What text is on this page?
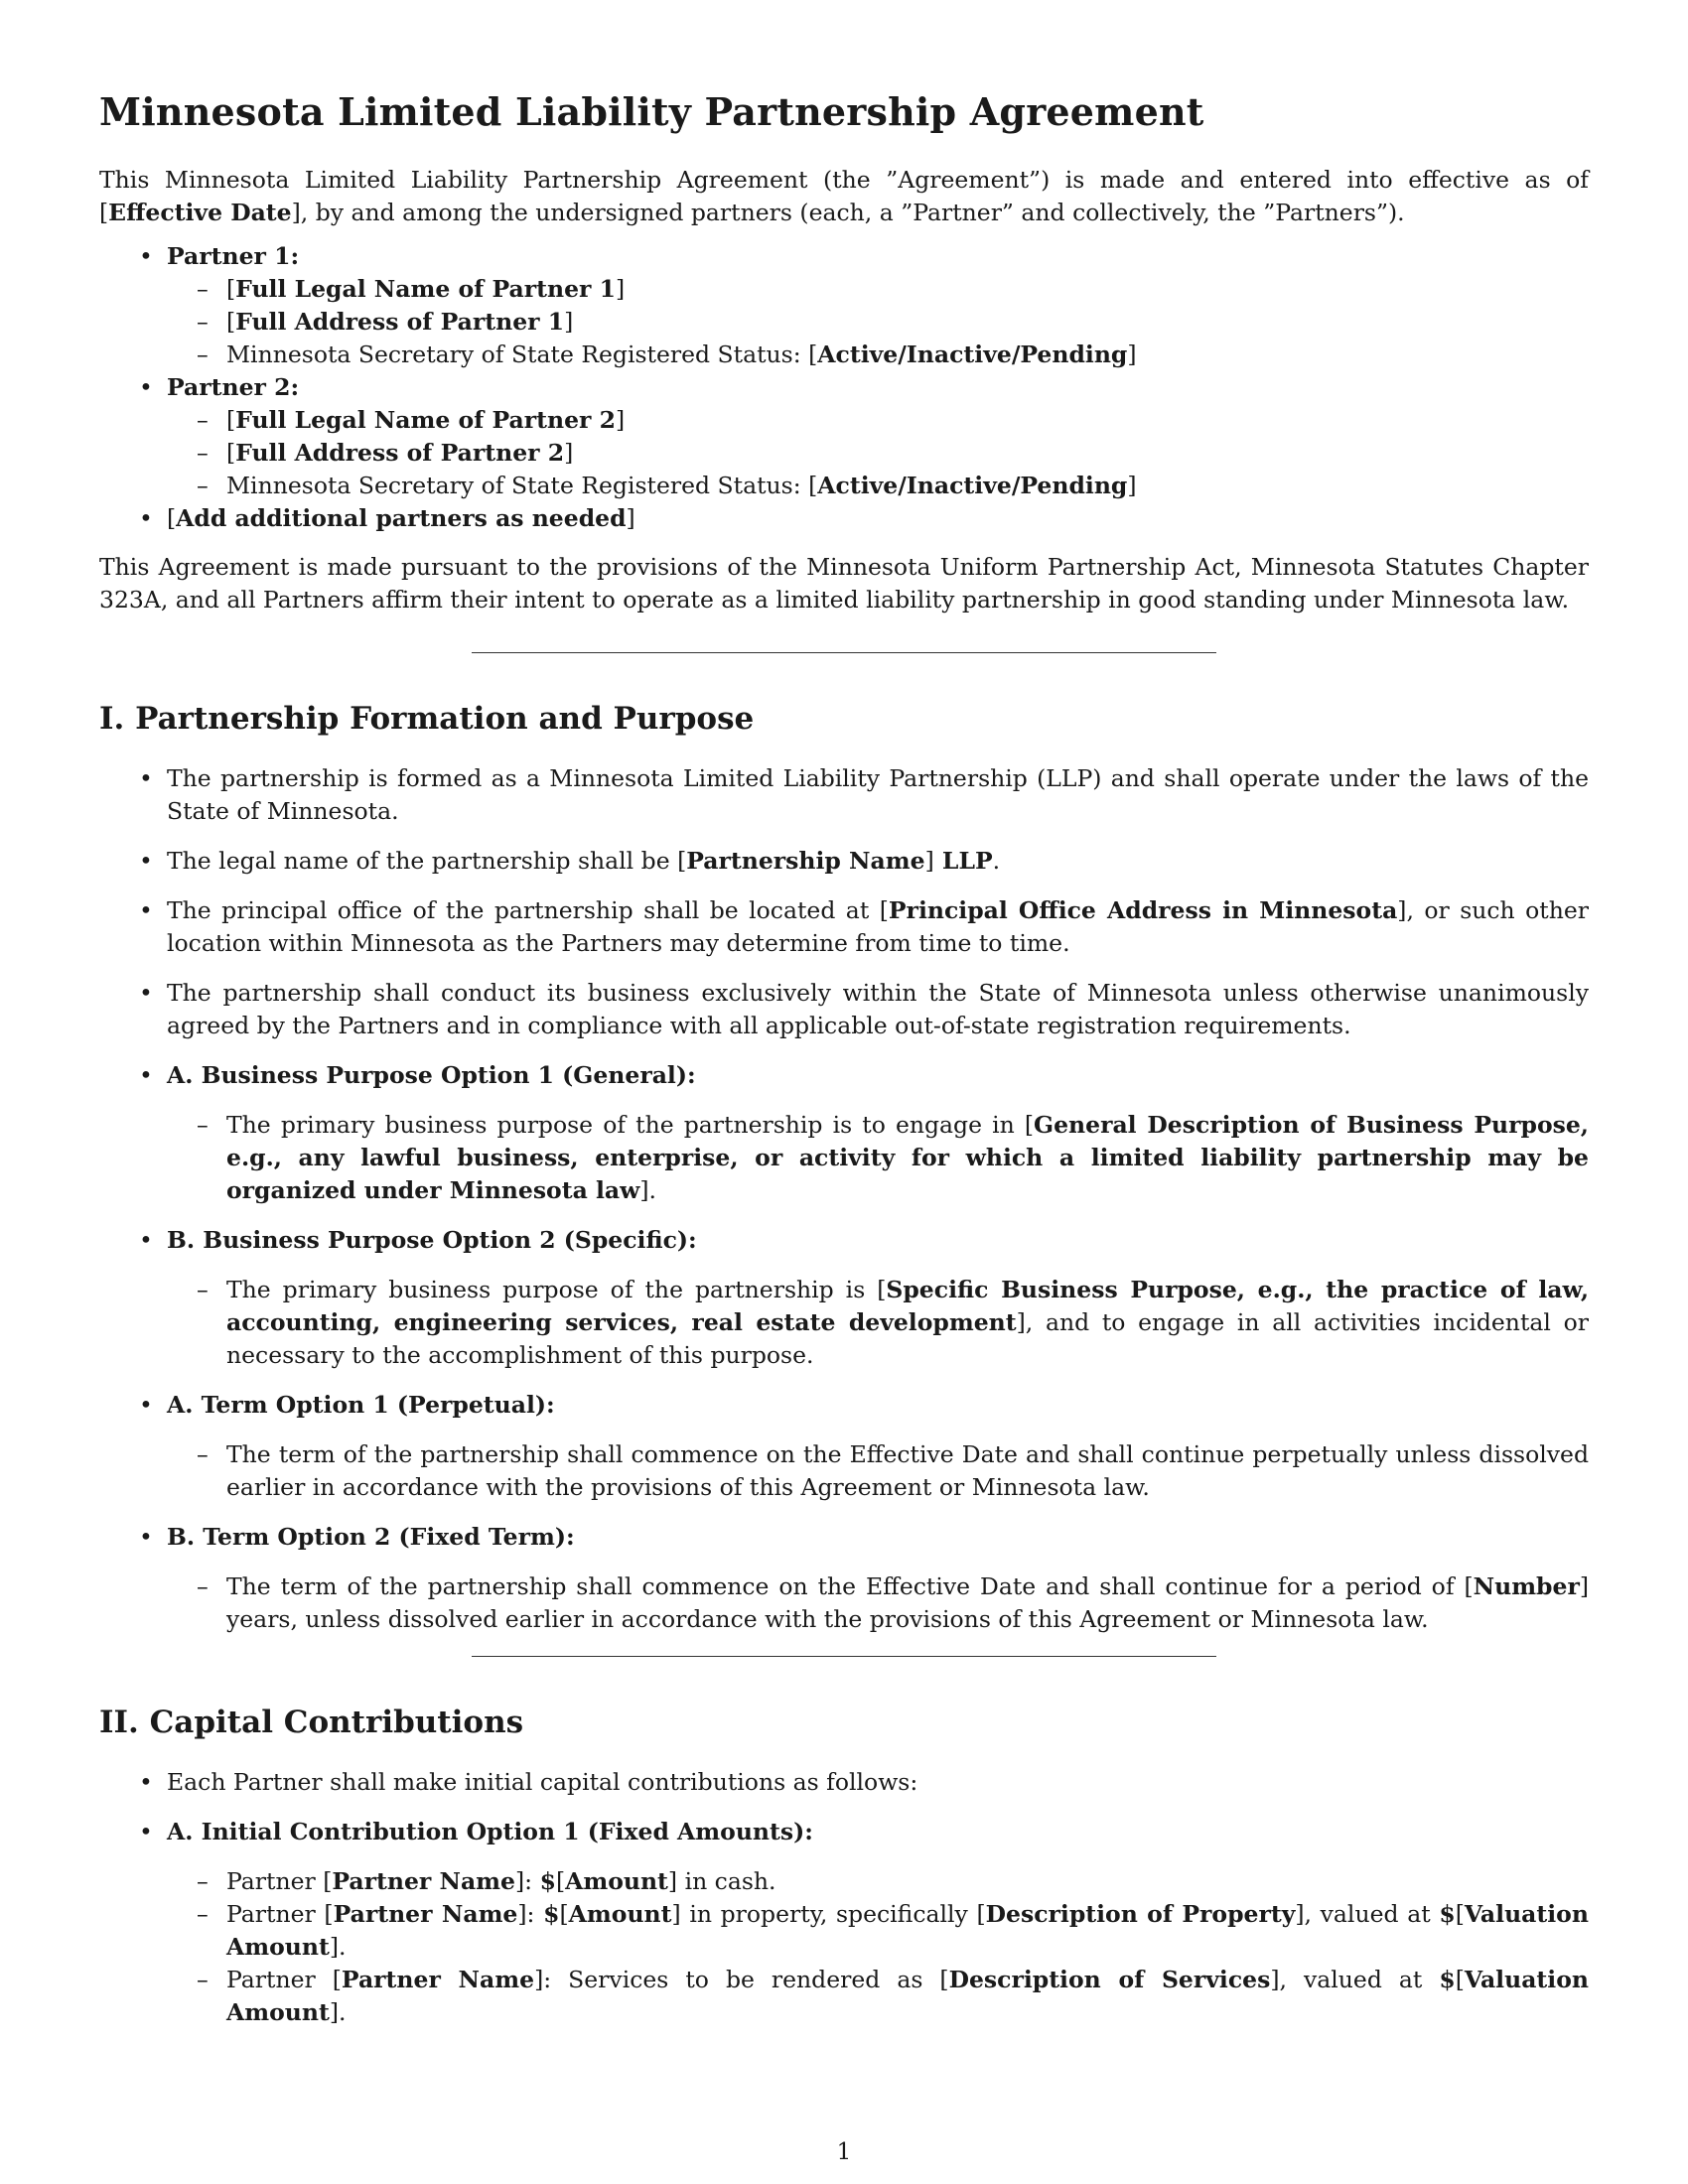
Minnesota Limited Liability Partnership Agreement

This Minnesota Limited Liability Partnership Agreement (the ”Agreement”) is made and entered into effective as of [Effective Date], by and among the undersigned partners (each, a ”Partner” and collectively, the ”Partners”).

• Partner 1:
– [Full Legal Name of Partner 1]
– [Full Address of Partner 1]
– Minnesota Secretary of State Registered Status: [Active/Inactive/Pending]
• Partner 2:
– [Full Legal Name of Partner 2]
– [Full Address of Partner 2]
– Minnesota Secretary of State Registered Status: [Active/Inactive/Pending]
• [Add additional partners as needed]

This Agreement is made pursuant to the provisions of the Minnesota Uniform Partnership Act, Minnesota Statutes Chapter 323A, and all Partners affirm their intent to operate as a limited liability partnership in good standing under Minnesota law.

I. Partnership Formation and Purpose
• The partnership is formed as a Minnesota Limited Liability Partnership (LLP) and shall operate under the laws of the State of Minnesota.
• The legal name of the partnership shall be [Partnership Name] LLP.
• The principal office of the partnership shall be located at [Principal Office Address in Minnesota], or such other location within Minnesota as the Partners may determine from time to time.
• The partnership shall conduct its business exclusively within the State of Minnesota unless otherwise unanimously agreed by the Partners and in compliance with all applicable out-of-state registration requirements.
• A. Business Purpose Option 1 (General):
– The primary business purpose of the partnership is to engage in [General Description of Business Purpose, e.g., any lawful business, enterprise, or activity for which a limited liability partnership may be organized under Minnesota law].
• B. Business Purpose Option 2 (Specific):
– The primary business purpose of the partnership is [Specific Business Purpose, e.g., the practice of law, accounting, engineering services, real estate development], and to engage in all activities incidental or necessary to the accomplishment of this purpose.
• A. Term Option 1 (Perpetual):
– The term of the partnership shall commence on the Effective Date and shall continue perpetually unless dissolved earlier in accordance with the provisions of this Agreement or Minnesota law.
• B. Term Option 2 (Fixed Term):
– The term of the partnership shall commence on the Effective Date and shall continue for a period of [Number] years, unless dissolved earlier in accordance with the provisions of this Agreement or Minnesota law.
II. Capital Contributions
• Each Partner shall make initial capital contributions as follows:
• A. Initial Contribution Option 1 (Fixed Amounts):
– Partner [Partner Name]: $[Amount] in cash.
– Partner [Partner Name]: $[Amount] in property, specifically [Description of Property], valued at $[Valuation Amount].
– Partner [Partner Name]: Services to be rendered as [Description of Services], valued at $[Valuation Amount].
1
